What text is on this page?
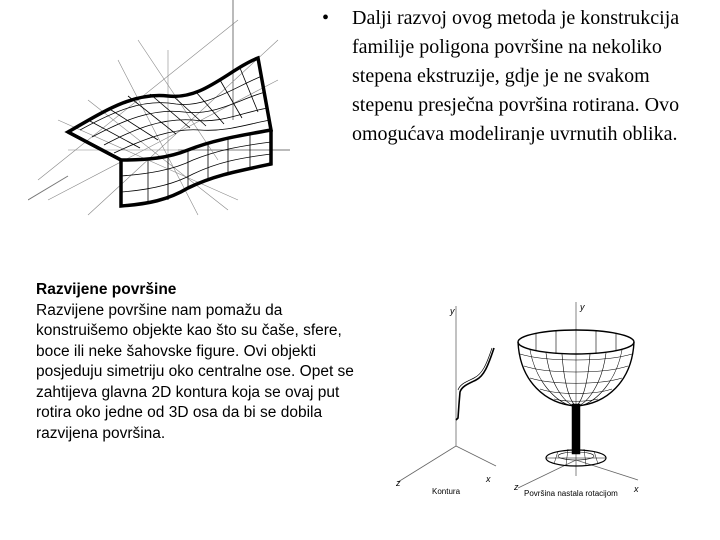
• Dalji razvoj ovog metoda je konstrukcija familije poligona površine na nekoliko stepena ekstruzije, gdje je ne svakom stepenu presječna površina rotirana. Ovo omogućava modeliranje uvrnutih oblika.
Razvijene površine
Razvijene površine nam pomažu da konstruišemo objekte kao što su čaše, sfere, boce ili neke šahovske figure. Ovi objekti posjeduju simetriju oko centralne ose. Opet se zahtijeva glavna 2D kontura koja se ovaj put rotira oko jedne od 3D osa da bi se dobila razvijena površina.
y
x
z
Kontura
y
x
z
Površina nastala rotacijom
